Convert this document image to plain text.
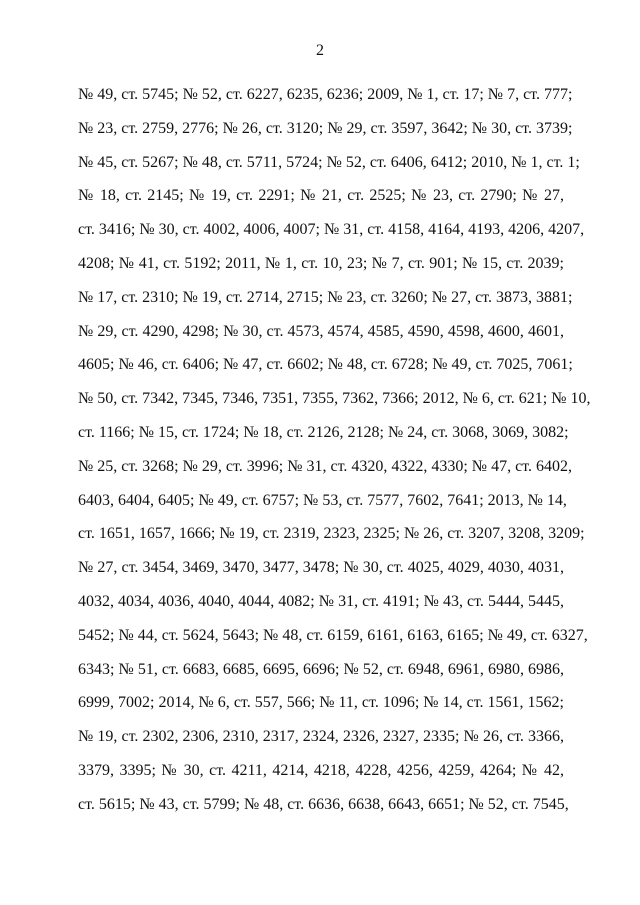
2
№ 49, ст. 5745; № 52, ст. 6227, 6235, 6236; 2009, № 1, ст. 17; № 7, ст. 777;
№ 23, ст. 2759, 2776; № 26, ст. 3120; № 29, ст. 3597, 3642; № 30, ст. 3739;
№ 45, ст. 5267; № 48, ст. 5711, 5724; № 52, ст. 6406, 6412; 2010, № 1, ст. 1;
№ 18, ст. 2145; № 19, ст. 2291; № 21, ст. 2525; № 23, ст. 2790; № 27,
ст. 3416; № 30, ст. 4002, 4006, 4007; № 31, ст. 4158, 4164, 4193, 4206, 4207,
4208; № 41, ст. 5192; 2011, № 1, ст. 10, 23; № 7, ст. 901; № 15, ст. 2039;
№ 17, ст. 2310; № 19, ст. 2714, 2715; № 23, ст. 3260; № 27, ст. 3873, 3881;
№ 29, ст. 4290, 4298; № 30, ст. 4573, 4574, 4585, 4590, 4598, 4600, 4601,
4605; № 46, ст. 6406; № 47, ст. 6602; № 48, ст. 6728; № 49, ст. 7025, 7061;
№ 50, ст. 7342, 7345, 7346, 7351, 7355, 7362, 7366; 2012, № 6, ст. 621; № 10,
ст. 1166; № 15, ст. 1724; № 18, ст. 2126, 2128; № 24, ст. 3068, 3069, 3082;
№ 25, ст. 3268; № 29, ст. 3996; № 31, ст. 4320, 4322, 4330; № 47, ст. 6402,
6403, 6404, 6405; № 49, ст. 6757; № 53, ст. 7577, 7602, 7641; 2013, № 14,
ст. 1651, 1657, 1666; № 19, ст. 2319, 2323, 2325; № 26, ст. 3207, 3208, 3209;
№ 27, ст. 3454, 3469, 3470, 3477, 3478; № 30, ст. 4025, 4029, 4030, 4031,
4032, 4034, 4036, 4040, 4044, 4082; № 31, ст. 4191; № 43, ст. 5444, 5445,
5452; № 44, ст. 5624, 5643; № 48, ст. 6159, 6161, 6163, 6165; № 49, ст. 6327,
6343; № 51, ст. 6683, 6685, 6695, 6696; № 52, ст. 6948, 6961, 6980, 6986,
6999, 7002; 2014, № 6, ст. 557, 566; № 11, ст. 1096; № 14, ст. 1561, 1562;
№ 19, ст. 2302, 2306, 2310, 2317, 2324, 2326, 2327, 2335; № 26, ст. 3366,
3379, 3395; № 30, ст. 4211, 4214, 4218, 4228, 4256, 4259, 4264; № 42,
ст. 5615; № 43, ст. 5799; № 48, ст. 6636, 6638, 6643, 6651; № 52, ст. 7545,
